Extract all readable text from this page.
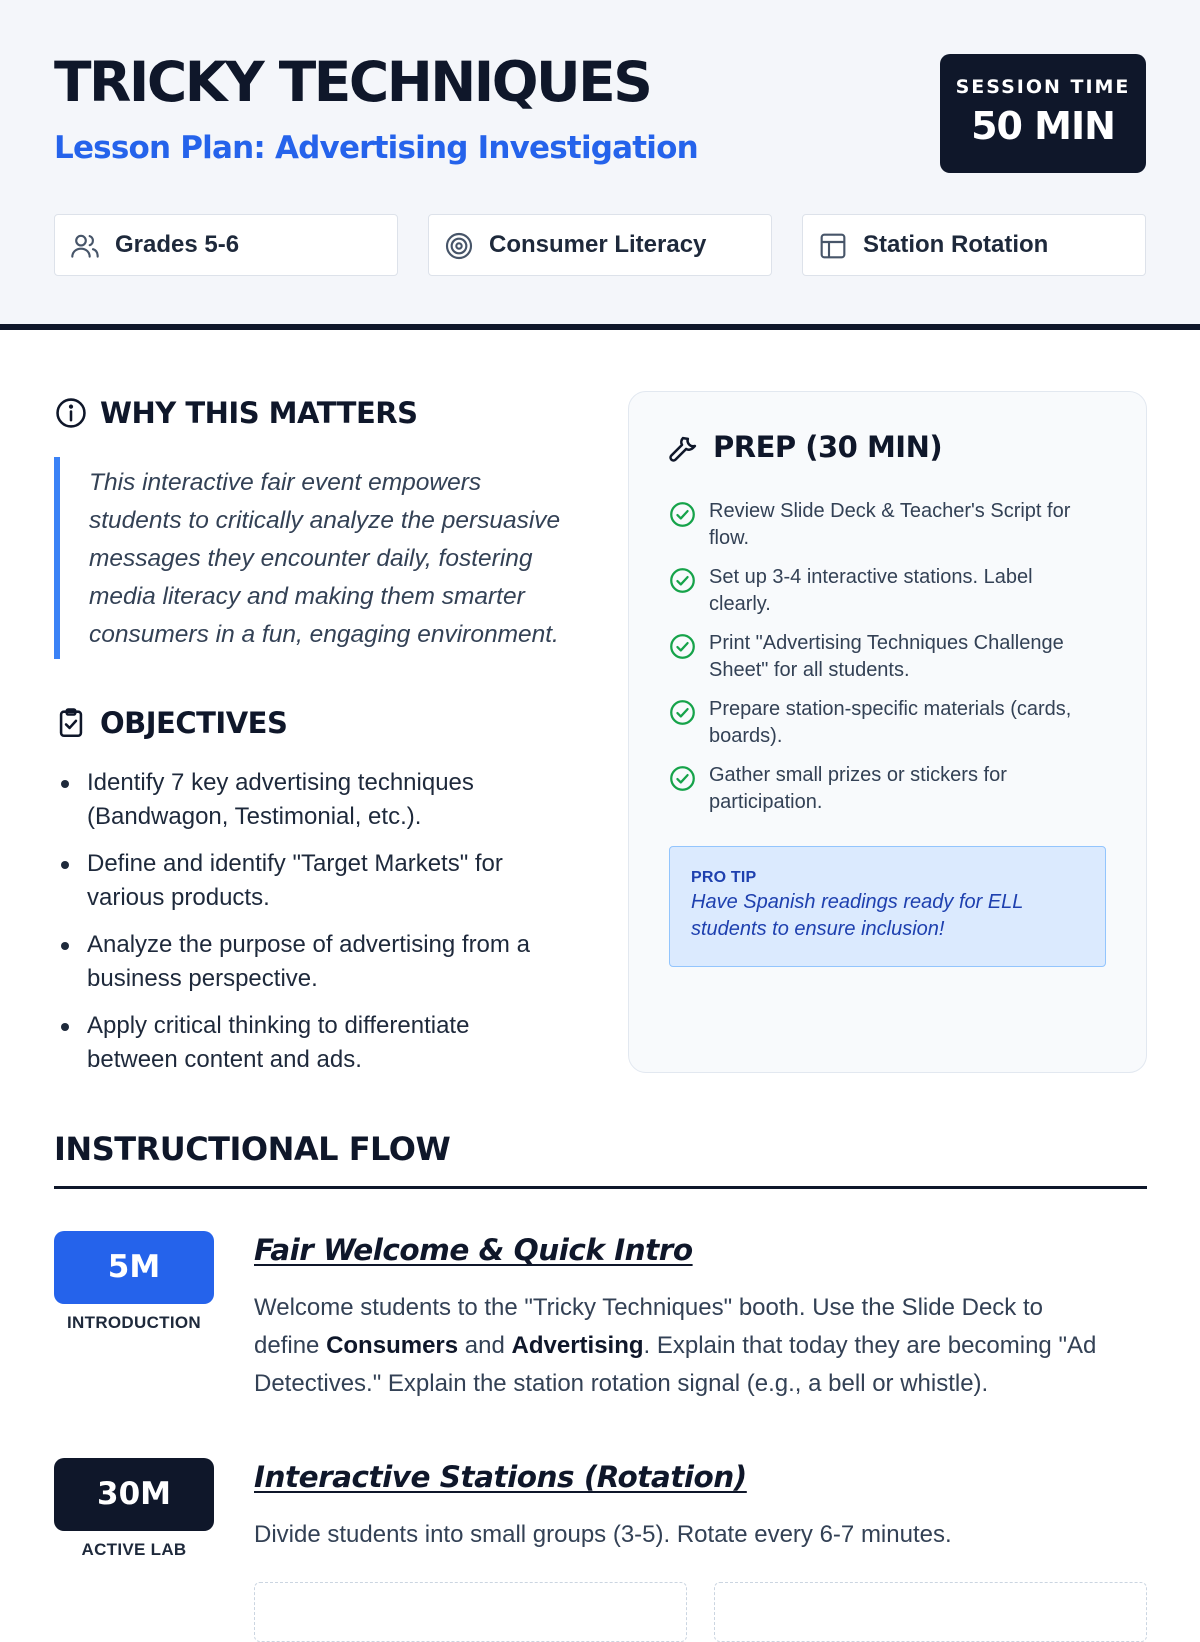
TRICKY TECHNIQUES
Lesson Plan: Advertising Investigation
SESSION TIME
50 MIN
Grades 5-6	Consumer Literacy	Station Rotation
WHY THIS MATTERS
This interactive fair event empowers
students to critically analyze the persuasive
messages they encounter daily, fostering
media literacy and making them smarter
consumers in a fun, engaging environment.
OBJECTIVES
Identify 7 key advertising techniques
(Bandwagon, Testimonial, etc.).
Define and identify "Target Markets" for
various products.
Analyze the purpose of advertising from a
business perspective.
Apply critical thinking to differentiate
between content and ads.
PREP (30 MIN)
Review Slide Deck & Teacher's Script for
flow.
Set up 3-4 interactive stations. Label
clearly.
Print "Advertising Techniques Challenge
Sheet" for all students.
Prepare station-specific materials (cards,
boards).
Gather small prizes or stickers for
participation.
PRO TIP
Have Spanish readings ready for ELL
students to ensure inclusion!
INSTRUCTIONAL FLOW
5M
INTRODUCTION
Fair Welcome & Quick Intro
Welcome students to the "Tricky Techniques" booth. Use the Slide Deck to
define Consumers and Advertising. Explain that today they are becoming "Ad
Detectives." Explain the station rotation signal (e.g., a bell or whistle).
30M
ACTIVE LAB
Interactive Stations (Rotation)
Divide students into small groups (3-5). Rotate every 6-7 minutes.
